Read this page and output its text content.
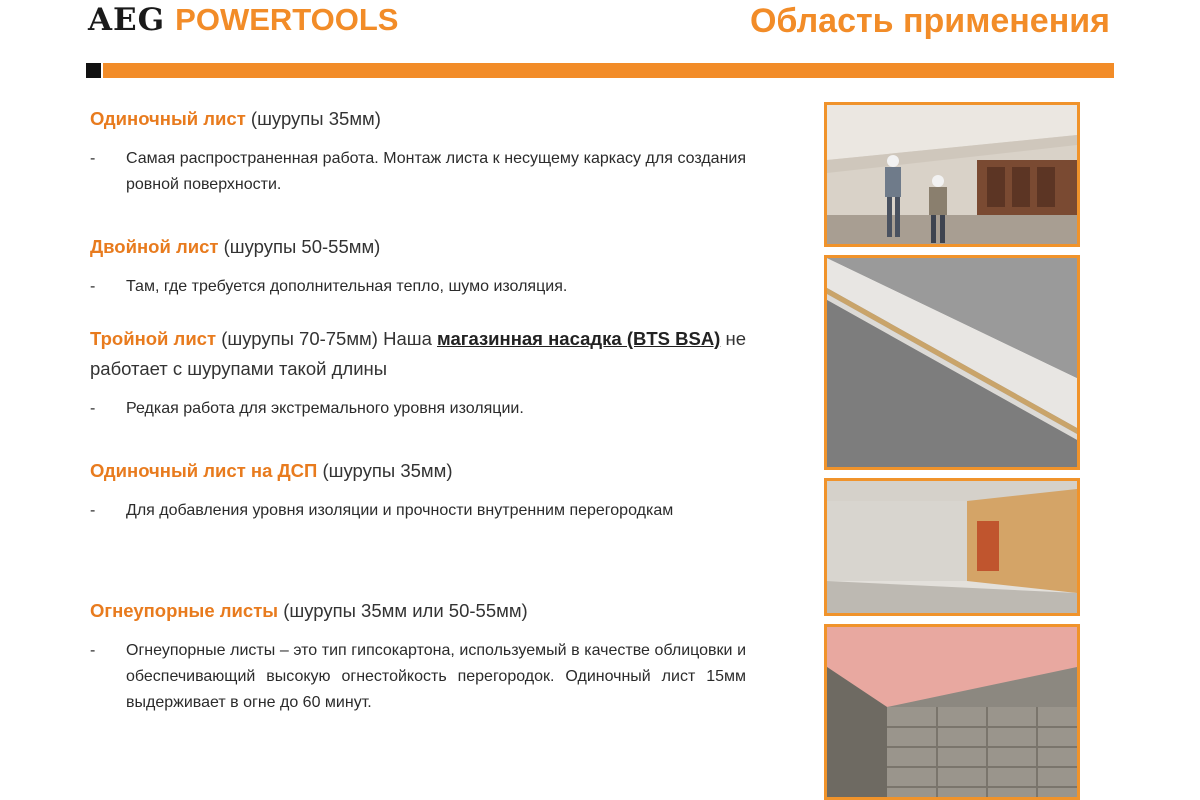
AEG POWERTOOLS	Область применения
Одиночный лист (шурупы 35мм)
-	Самая распространенная работа. Монтаж листа к несущему каркасу для создания ровной поверхности.
Двойной лист (шурупы 50-55мм)
-	Там, где требуется дополнительная тепло, шумо изоляция.
Тройной лист (шурупы 70-75мм) Наша магазинная насадка (BTS BSA) не работает с шурупами такой длины
-	Редкая работа для экстремального уровня изоляции.
Одиночный лист на ДСП (шурупы 35мм)
-	Для добавления уровня изоляции и прочности внутренним перегородкам
Огнеупорные листы (шурупы 35мм или 50-55мм)
-	Огнеупорные листы – это тип гипсокартона, используемый в качестве облицовки и обеспечивающий высокую огнестойкость перегородок. Одиночный лист 15мм выдерживает в огне до 60 минут.
